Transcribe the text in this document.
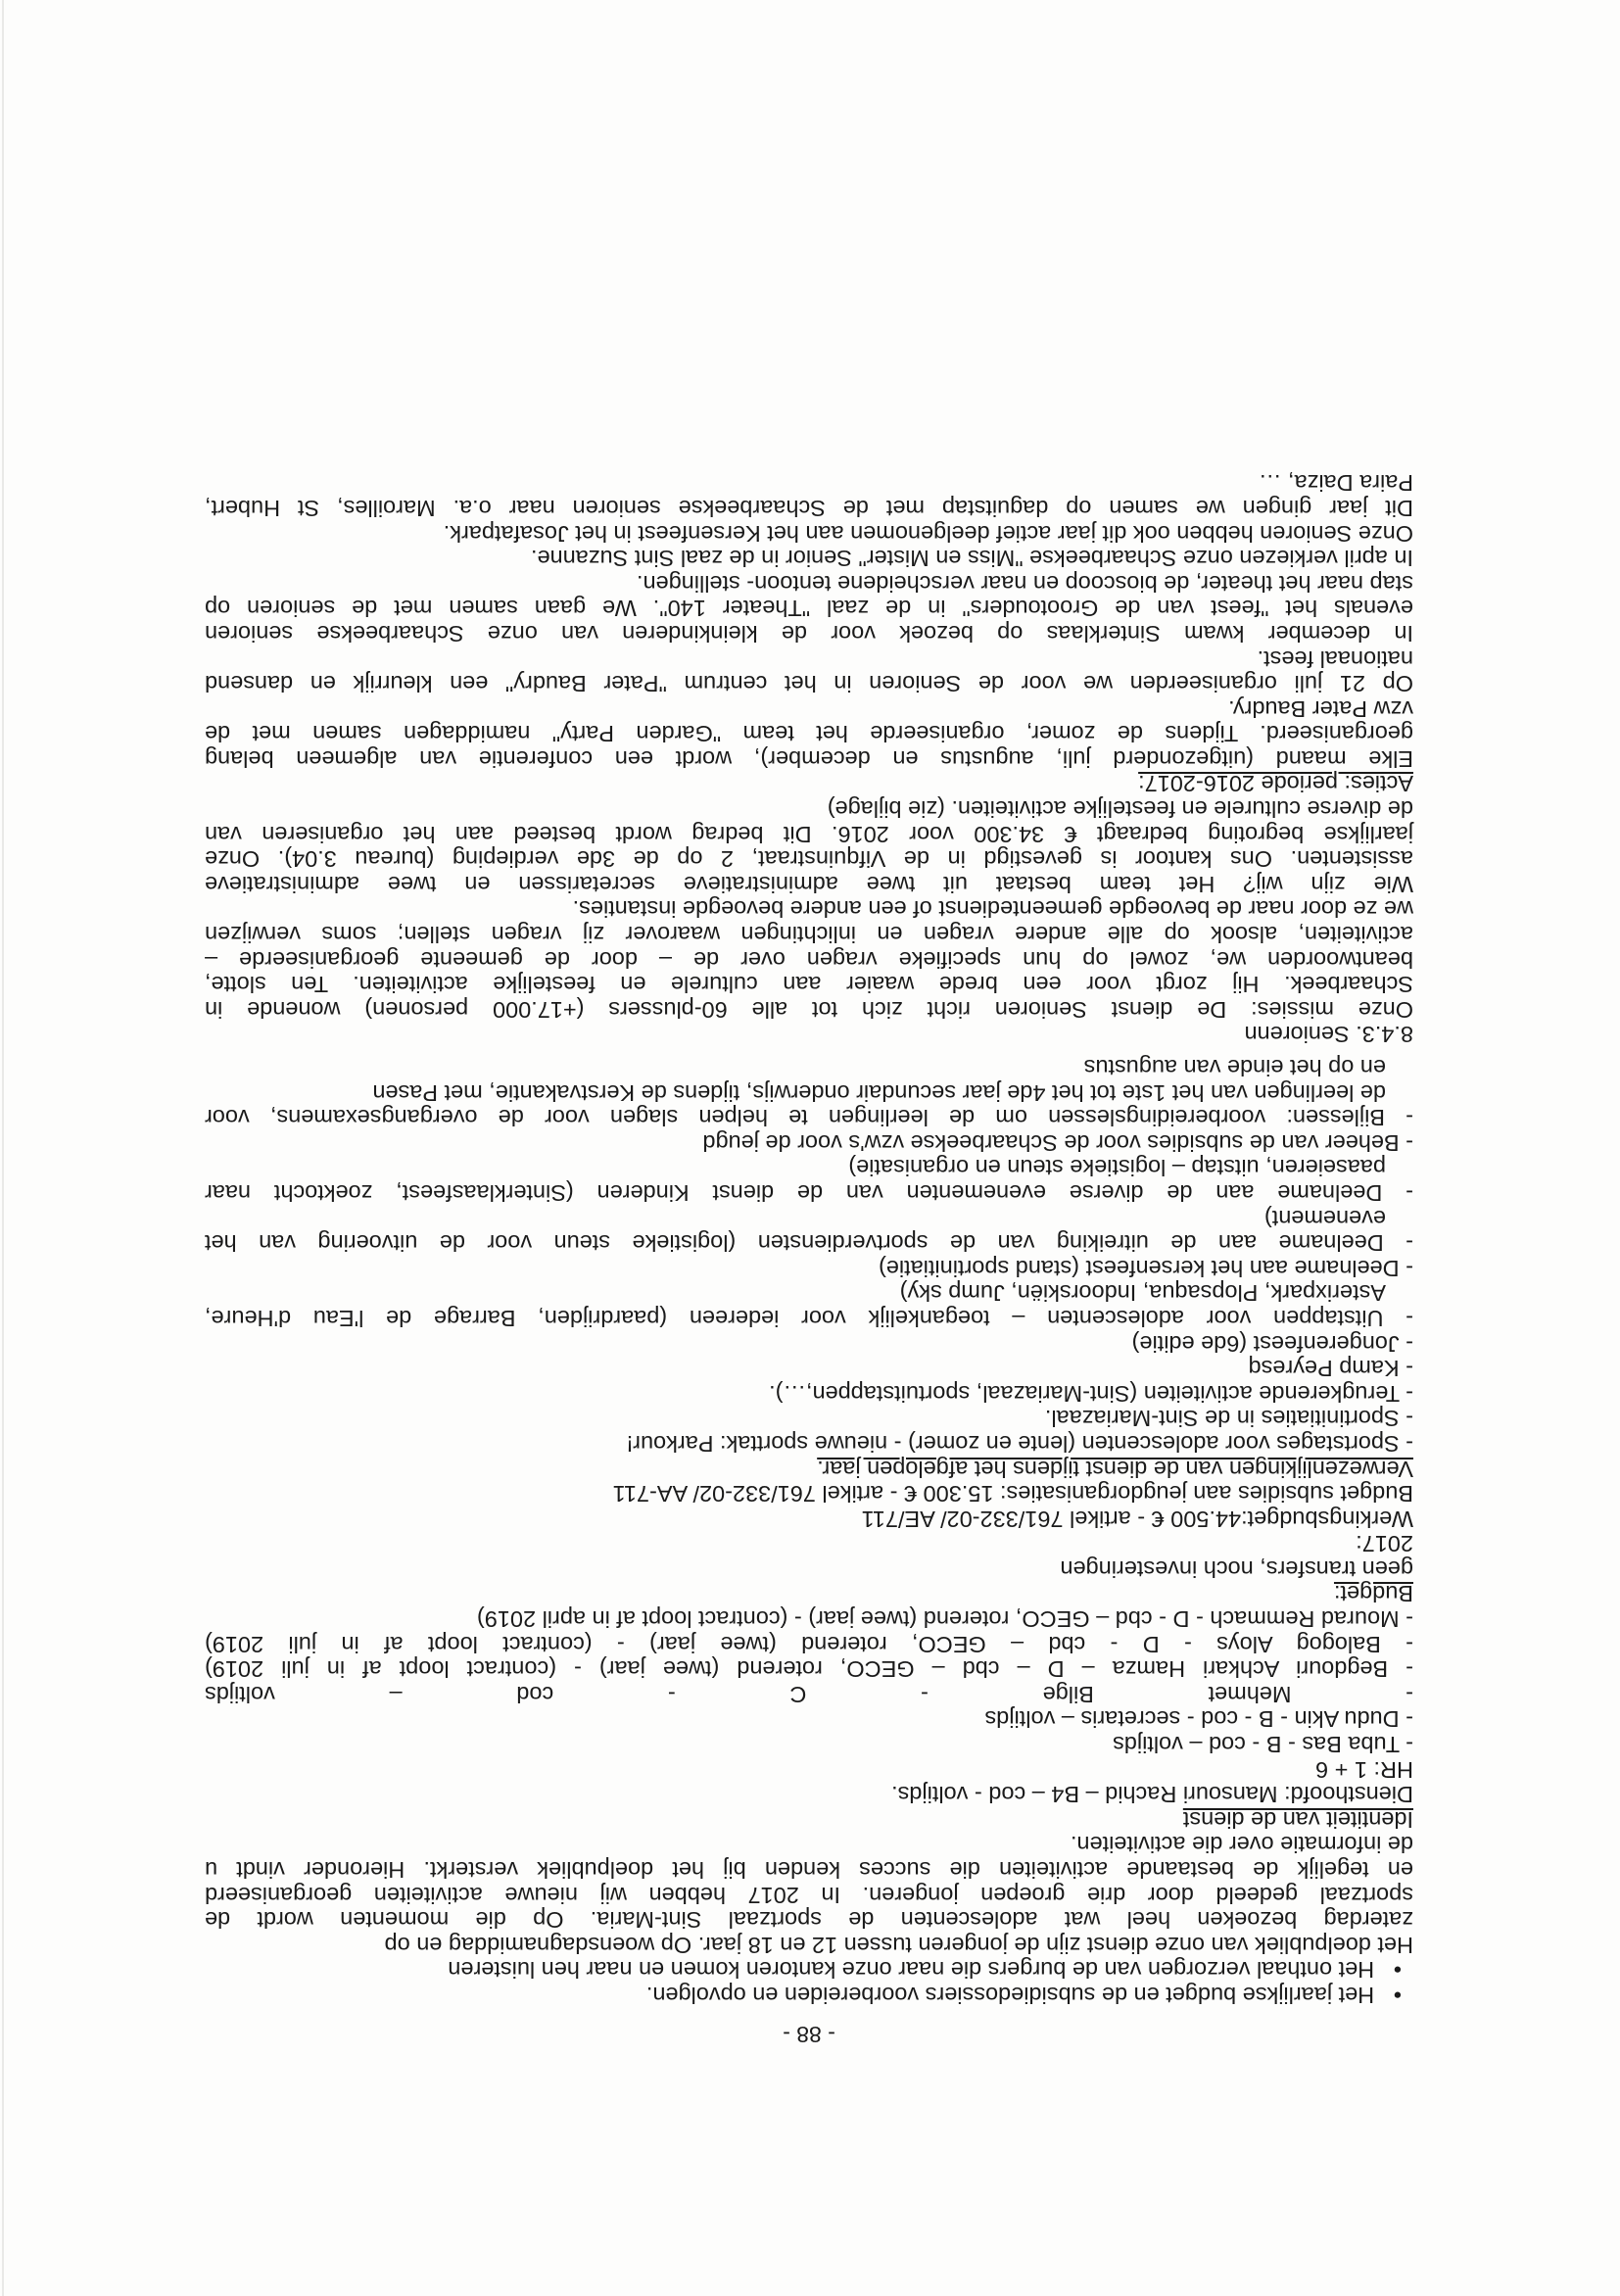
- 88 -
•   Het jaarlijkse budget en de subsidiedossiers voorbereiden en opvolgen.
•   Het onthaal verzorgen van de burgers die naar onze kantoren komen en naar hen luisteren
Het doelpubliek van onze dienst zijn de jongeren tussen 12 en 18 jaar. Op woensdagnamiddag en op
zaterdag bezoeken heel wat adolescenten de sportzaal Sint-Maria. Op die momenten wordt de
sportzaal gedeeld door drie groepen jongeren. In 2017 hebben wij nieuwe activiteiten georganiseerd
en tegelijk de bestaande activiteiten die succes kenden bij het doelpubliek versterkt. Hieronder vindt u
de informatie over die activiteiten.
Identiteit van de dienst
Diensthoofd: Mansouri Rachid – B4 – cod - voltijds.
HR: 1 + 6
- Tuba Bas - B - cod – voltijds
- Dudu Akin - B - cod - secretaris – voltijds
- Mehmet Bilge - C - cod – voltijds
- Begdouri Achkari Hamza – D – cbd – GECO, roterend (twee jaar) - (contract loopt af in juli 2019)
- Balogog Aloys - D - cbd – GECO, roterend (twee jaar) - (contract loopt af in juli 2019)
- Mourad Remmach - D - cbd – GECO, roterend (twee jaar) - (contract loopt af in april 2019)
Budget:
geen transfers, noch investeringen
2017:
Werkingsbudget:44.500 € - artikel 761/332-02/ AE/711
Budget subsidies aan jeugdorganisaties: 15.300 € - artikel 761/332-02/ AA-711
Verwezenlijkingen van de dienst tijdens het afgelopen jaar.
- Sportstages voor adolescenten (lente en zomer) - nieuwe sporttak: Parkour!
- Sportinitiaties in de Sint-Mariazaal.
- Terugkerende activiteiten (Sint-Mariazaal, sportuitstappen,…).
- Kamp Peyresq
- Jongerenfeest (6de editie)
- Uitstappen voor adolescenten – toegankelijk voor iedereen (paardrijden, Barrage de l'Eau d'Heure,
Asterixpark, Plopsaqua, Indoorskiën, Jump sky)
- Deelname aan het kersenfeest (stand sportinitiatie)
- Deelname aan de uitreiking van de sportverdiensten (logistieke steun voor de uitvoering van het
evenement)
- Deelname aan de diverse evenementen van de dienst Kinderen (Sinterklaasfeest, zoektocht naar
paaseieren, uitstap – logistieke steun en organisatie)
- Beheer van de subsidies voor de Schaarbeekse vzw's voor de jeugd
- Bijlessen: voorbereidingslessen om de leerlingen te helpen slagen voor de overgangsexamens, voor
de leerlingen van het 1ste tot het 4de jaar secundair onderwijs, tijdens de Kerstvakantie, met Pasen
en op het einde van augustus
8.4.3. Seniorenn
Onze missies: De dienst Senioren richt zich tot alle 60-plussers (+17.000 personen) wonende in
Schaarbeek. Hij zorgt voor een brede waaier aan culturele en feestelijke activiteiten. Ten slotte,
beantwoorden we, zowel op hun specifieke vragen over de – door de gemeente georganiseerde –
activiteiten, alsook op alle andere vragen en inlichtingen waarover zij vragen stellen; soms verwijzen
we ze door naar de bevoegde gemeentedienst of een andere bevoegde instanties.
Wie zijn wij? Het team bestaat uit twee administratieve secretarissen en twee administratieve
assistenten. Ons kantoor is gevestigd in de Vifquinstraat, 2 op de 3de verdieping (bureau 3.04). Onze
jaarlijkse begroting bedraagt € 34.300 voor 2016. Dit bedrag wordt besteed aan het organiseren van
de diverse culturele en feestelijke activiteiten. (zie bijlage)
Acties: periode 2016-2017:
Elke maand (uitgezonderd juli, augustus en december), wordt een conferentie van algemeen belang
georganiseerd. Tijdens de zomer, organiseerde het team "Garden Party" namiddagen samen met de
vzw Pater Baudry.
Op 21 juli organiseerden we voor de Senioren in het centrum "Pater Baudry" een kleurrijk en dansend
nationaal feest.
In december kwam Sinterklaas op bezoek voor de kleinkinderen van onze Schaarbeekse senioren
evenals het "feest van de Grootouders" in de zaal "Theater 140". We gaan samen met de senioren op
stap naar het theater, de bioscoop en naar verscheidene tentoon- stellingen.
In april verkiezen onze Schaarbeekse "Miss en Mister" Senior in de zaal Sint Suzanne.
Onze Senioren hebben ook dit jaar actief deelgenomen aan het Kersenfeest in het Josafatpark.
Dit jaar gingen we samen op daguitstap met de Schaarbeekse senioren naar o.a. Maroilles, St Hubert,
Paira Daiza, …
